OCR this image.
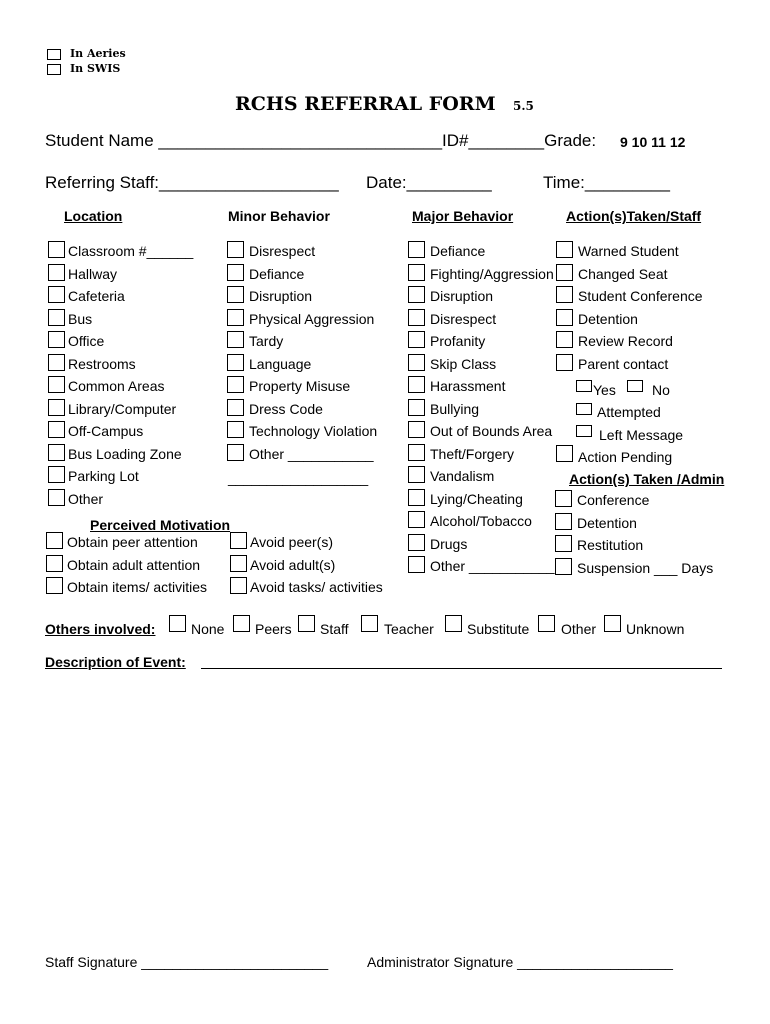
In Aeries
In SWIS
RCHS REFERRAL FORM 5.5
Student Name ______________________________ID#________Grade: 9 10 11 12
Referring Staff:___________________ Date:_________	Time:_________
Location	Minor Behavior	Major Behavior	Action(s)Taken/Staff
Classroom #______
Hallway
Cafeteria
Bus
Office
Restrooms
Common Areas
Library/Computer
Off-Campus
Bus Loading Zone
Parking Lot
Other
Disrespect
Defiance
Disruption
Physical Aggression
Tardy
Language
Property Misuse
Dress Code
Technology Violation
Other ___________
Defiance
Fighting/Aggression
Disruption
Disrespect
Profanity
Skip Class
Harassment
Bullying
Out of Bounds Area
Theft/Forgery
Vandalism
Lying/Cheating
Alcohol/Tobacco
Drugs
Other ___________
Warned Student
Changed Seat
Student Conference
Detention
Review Record
Parent contact
Yes	No
Attempted
Left Message
Action Pending
Action(s) Taken /Admin
Conference
Detention
Restitution
Suspension ___ Days
__________________
Perceived Motivation
Obtain peer attention
Obtain adult attention
Obtain items/ activities
Avoid peer(s)
Avoid adult(s)
Avoid tasks/ activities
Others involved:	None Peers Staff	Teacher Substitute Other Unknown
Description of Event:
Staff Signature ________________________	Administrator Signature ____________________
